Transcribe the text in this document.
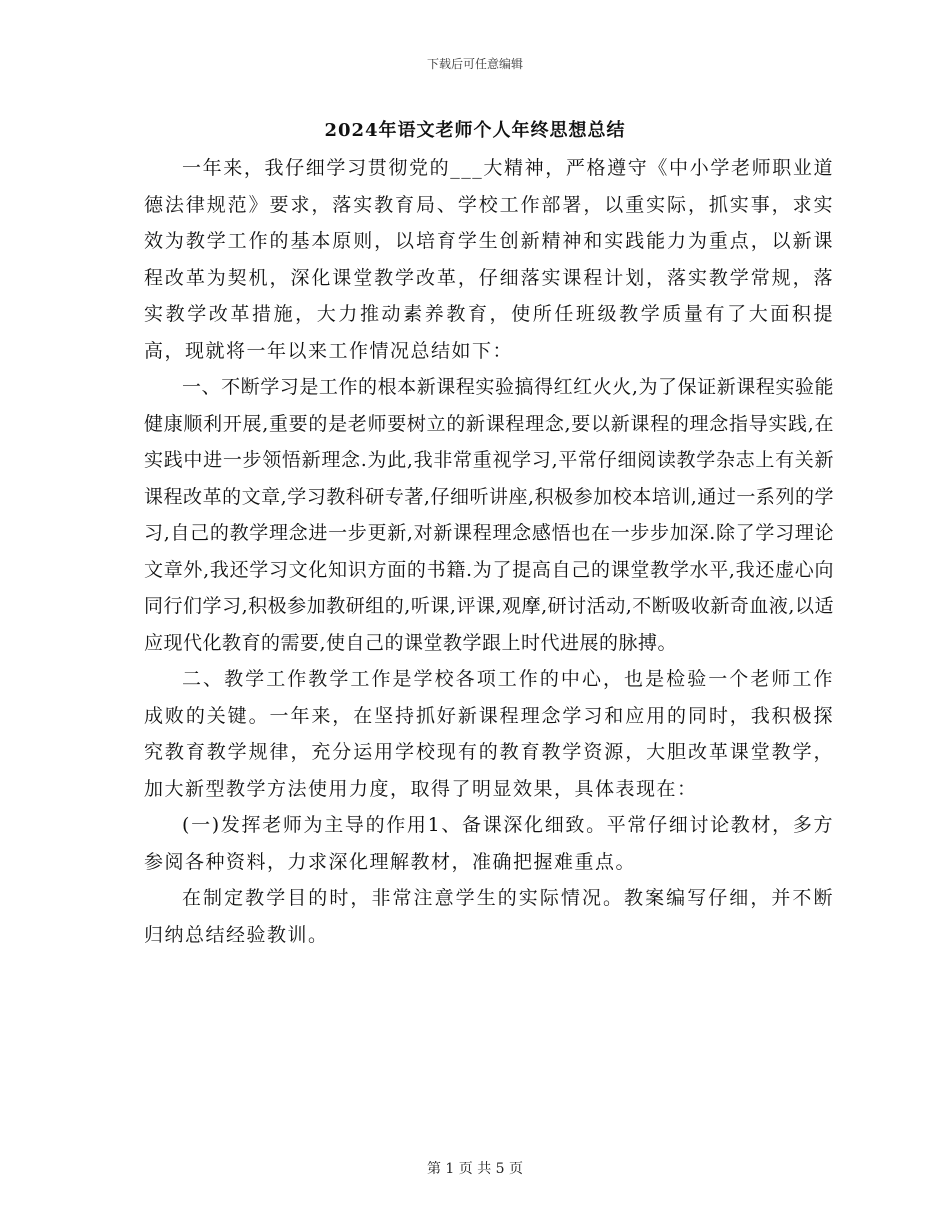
下载后可任意编辑
2024年语文老师个人年终思想总结

一年来，我仔细学习贯彻党的___大精神，严格遵守《中小学老师职业道德法律规范》要求，落实教育局、学校工作部署，以重实际，抓实事，求实效为教学工作的基本原则，以培育学生创新精神和实践能力为重点，以新课程改革为契机，深化课堂教学改革，仔细落实课程计划，落实教学常规，落实教学改革措施，大力推动素养教育，使所任班级教学质量有了大面积提高，现就将一年以来工作情况总结如下：

一、不断学习是工作的根本新课程实验搞得红红火火,为了保证新课程实验能健康顺利开展,重要的是老师要树立的新课程理念,要以新课程的理念指导实践,在实践中进一步领悟新理念.为此,我非常重视学习,平常仔细阅读教学杂志上有关新课程改革的文章,学习教科研专著,仔细听讲座,积极参加校本培训,通过一系列的学习,自己的教学理念进一步更新,对新课程理念感悟也在一步步加深.除了学习理论文章外,我还学习文化知识方面的书籍.为了提高自己的课堂教学水平,我还虚心向同行们学习,积极参加教研组的,听课,评课,观摩,研讨活动,不断吸收新奇血液,以适应现代化教育的需要,使自己的课堂教学跟上时代进展的脉搏。

二、教学工作教学工作是学校各项工作的中心，也是检验一个老师工作成败的关键。一年来，在坚持抓好新课程理念学习和应用的同时，我积极探究教育教学规律，充分运用学校现有的教育教学资源，大胆改革课堂教学，加大新型教学方法使用力度，取得了明显效果，具体表现在：

(一)发挥老师为主导的作用1、备课深化细致。平常仔细讨论教材，多方参阅各种资料，力求深化理解教材，准确把握难重点。

在制定教学目的时，非常注意学生的实际情况。教案编写仔细，并不断归纳总结经验教训。

第 1 页 共 5 页
